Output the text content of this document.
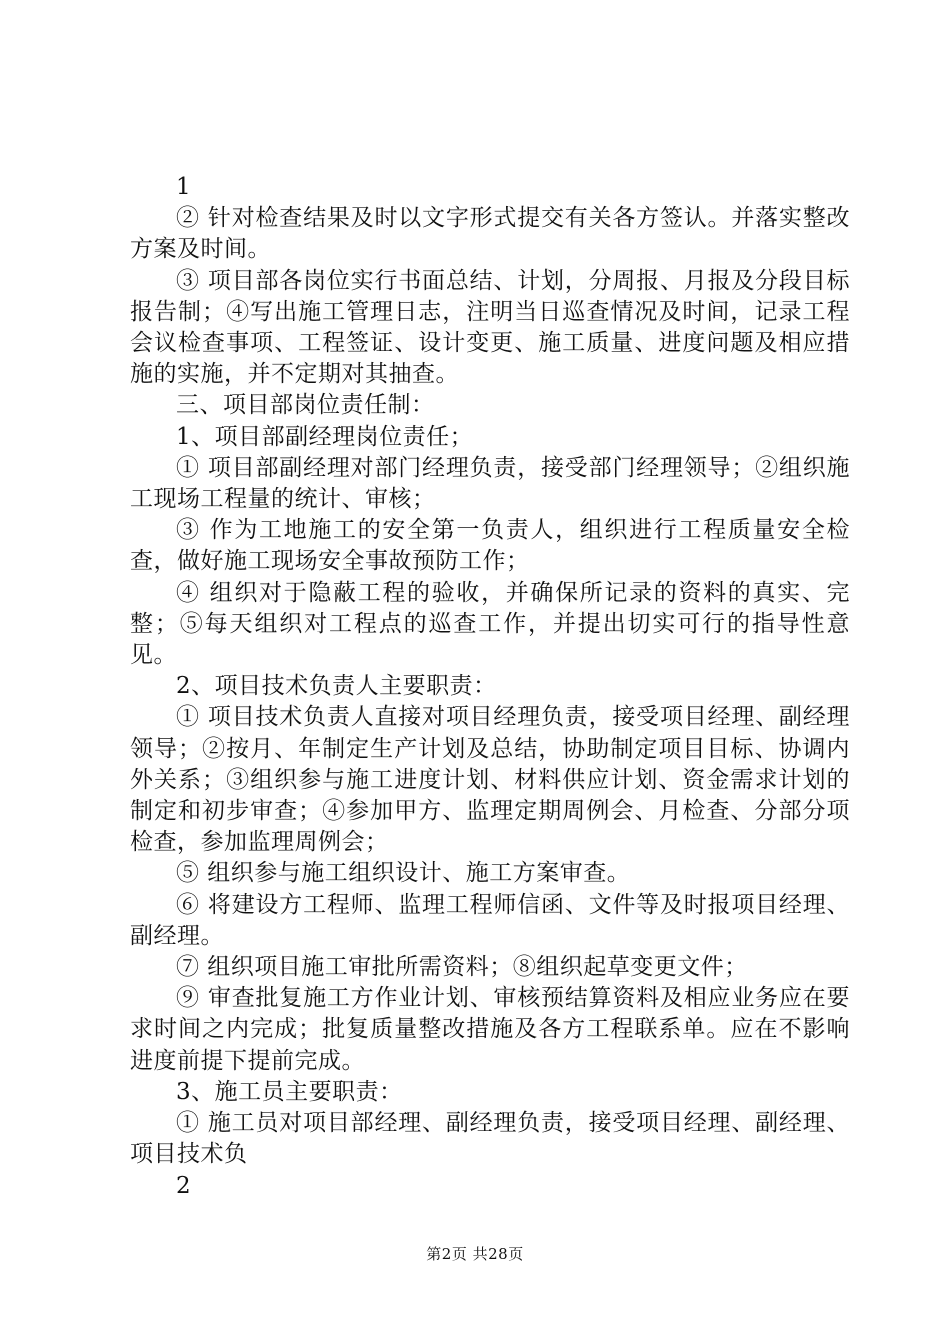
1

② 针对检查结果及时以文字形式提交有关各方签认。并落实整改方案及时间。

③ 项目部各岗位实行书面总结、计划，分周报、月报及分段目标报告制；④写出施工管理日志，注明当日巡查情况及时间，记录工程会议检查事项、工程签证、设计变更、施工质量、进度问题及相应措施的实施，并不定期对其抽查。

三、项目部岗位责任制：

1、项目部副经理岗位责任；

① 项目部副经理对部门经理负责，接受部门经理领导；②组织施工现场工程量的统计、审核；

③ 作为工地施工的安全第一负责人，组织进行工程质量安全检查，做好施工现场安全事故预防工作；

④ 组织对于隐蔽工程的验收，并确保所记录的资料的真实、完整；⑤每天组织对工程点的巡查工作，并提出切实可行的指导性意见。

2、项目技术负责人主要职责：

① 项目技术负责人直接对项目经理负责，接受项目经理、副经理领导；②按月、年制定生产计划及总结，协助制定项目目标、协调内外关系；③组织参与施工进度计划、材料供应计划、资金需求计划的制定和初步审查；④参加甲方、监理定期周例会、月检查、分部分项检查，参加监理周例会；

⑤ 组织参与施工组织设计、施工方案审查。

⑥ 将建设方工程师、监理工程师信函、文件等及时报项目经理、副经理。

⑦ 组织项目施工审批所需资料；⑧组织起草变更文件；

⑨ 审查批复施工方作业计划、审核预结算资料及相应业务应在要求时间之内完成；批复质量整改措施及各方工程联系单。应在不影响进度前提下提前完成。

3、施工员主要职责：

① 施工员对项目部经理、副经理负责，接受项目经理、副经理、项目技术负

2

第2页 共28页
